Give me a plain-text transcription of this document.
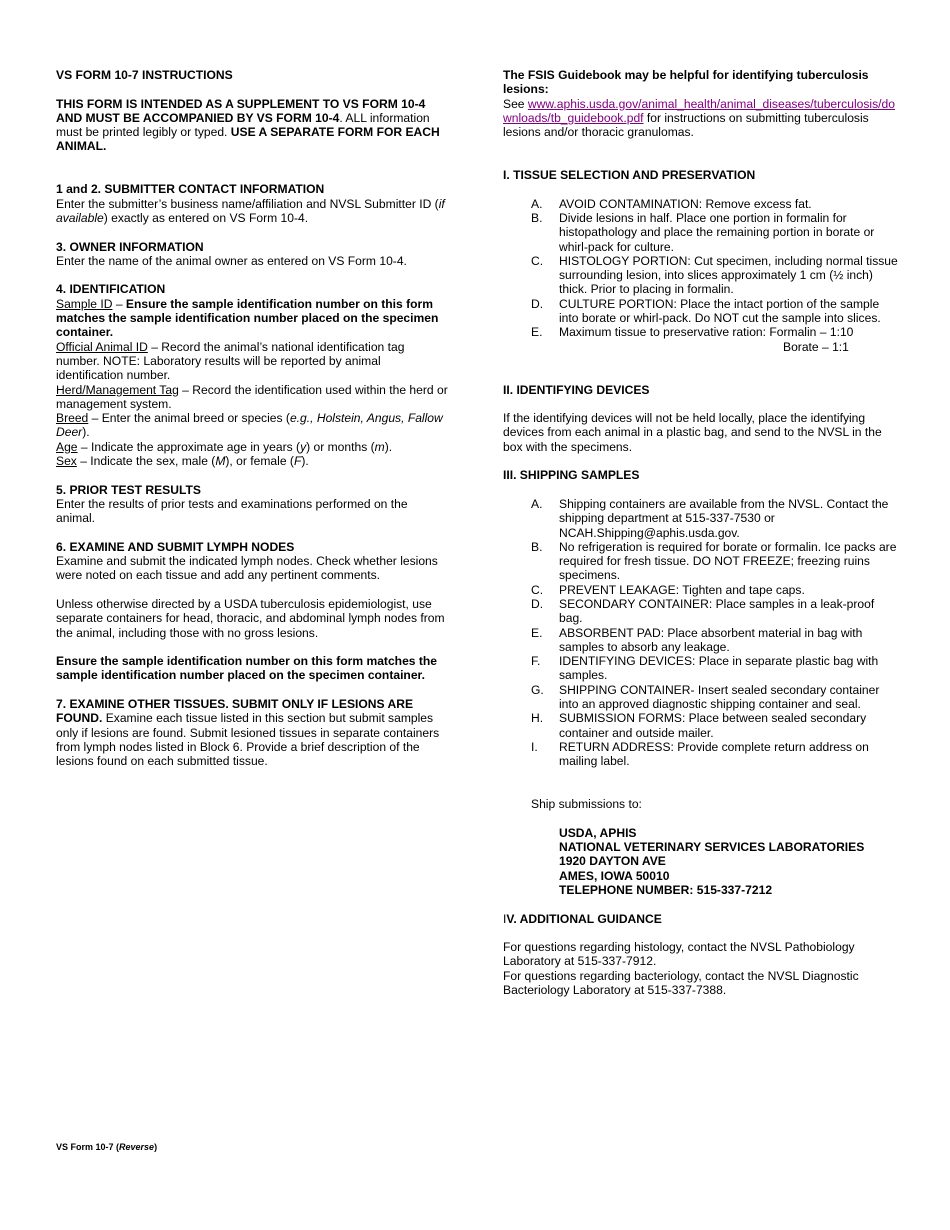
VS FORM 10-7 INSTRUCTIONS

THIS FORM IS INTENDED AS A SUPPLEMENT TO VS FORM 10-4 AND MUST BE ACCOMPANIED BY VS FORM 10-4. ALL information must be printed legibly or typed. USE A SEPARATE FORM FOR EACH ANIMAL.

1 and 2. SUBMITTER CONTACT INFORMATION

Enter the submitter’s business name/affiliation and NVSL Submitter ID (if available) exactly as entered on VS Form 10-4.

3. OWNER INFORMATION

Enter the name of the animal owner as entered on VS Form 10-4.

4. IDENTIFICATION

Sample ID – Ensure the sample identification number on this form matches the sample identification number placed on the specimen container.

Official Animal ID – Record the animal’s national identification tag number. NOTE: Laboratory results will be reported by animal identification number.

Herd/Management Tag – Record the identification used within the herd or management system.

Breed – Enter the animal breed or species (e.g., Holstein, Angus, Fallow Deer).

Age – Indicate the approximate age in years (y) or months (m).

Sex – Indicate the sex, male (M), or female (F).

5. PRIOR TEST RESULTS

Enter the results of prior tests and examinations performed on the animal.

6. EXAMINE AND SUBMIT LYMPH NODES

Examine and submit the indicated lymph nodes. Check whether lesions were noted on each tissue and add any pertinent comments.

Unless otherwise directed by a USDA tuberculosis epidemiologist, use separate containers for head, thoracic, and abdominal lymph nodes from the animal, including those with no gross lesions.

Ensure the sample identification number on this form matches the sample identification number placed on the specimen container.

7. EXAMINE OTHER TISSUES. SUBMIT ONLY IF LESIONS ARE FOUND. Examine each tissue listed in this section but submit samples only if lesions are found. Submit lesioned tissues in separate containers from lymph nodes listed in Block 6. Provide a brief description of the lesions found on each submitted tissue.

The FSIS Guidebook may be helpful for identifying tuberculosis lesions:

See www.aphis.usda.gov/animal_health/animal_diseases/tuberculosis/downloads/tb_guidebook.pdf for instructions on submitting tuberculosis lesions and/or thoracic granulomas.

I. TISSUE SELECTION AND PRESERVATION

A. AVOID CONTAMINATION: Remove excess fat.
B. Divide lesions in half. Place one portion in formalin for histopathology and place the remaining portion in borate or whirl-pack for culture.
C. HISTOLOGY PORTION: Cut specimen, including normal tissue surrounding lesion, into slices approximately 1 cm (½ inch) thick. Prior to placing in formalin.
D. CULTURE PORTION: Place the intact portion of the sample into borate or whirl-pack. Do NOT cut the sample into slices.
E. Maximum tissue to preservative ration: Formalin – 1:10

Borate – 1:1

II. IDENTIFYING DEVICES

If the identifying devices will not be held locally, place the identifying devices from each animal in a plastic bag, and send to the NVSL in the box with the specimens.

III. SHIPPING SAMPLES

A. Shipping containers are available from the NVSL. Contact the shipping department at 515-337-7530 or NCAH.Shipping@aphis.usda.gov.
B. No refrigeration is required for borate or formalin. Ice packs are required for fresh tissue. DO NOT FREEZE; freezing ruins specimens.
C. PREVENT LEAKAGE: Tighten and tape caps.
D. SECONDARY CONTAINER: Place samples in a leak-proof bag.
E. ABSORBENT PAD: Place absorbent material in bag with samples to absorb any leakage.
F. IDENTIFYING DEVICES: Place in separate plastic bag with samples.
G. SHIPPING CONTAINER- Insert sealed secondary container into an approved diagnostic shipping container and seal.
H. SUBMISSION FORMS: Place between sealed secondary container and outside mailer.
I. RETURN ADDRESS: Provide complete return address on mailing label.

Ship submissions to:

USDA, APHIS

NATIONAL VETERINARY SERVICES LABORATORIES

1920 DAYTON AVE

AMES, IOWA 50010

TELEPHONE NUMBER: 515-337-7212

IV. ADDITIONAL GUIDANCE

For questions regarding histology, contact the NVSL Pathobiology Laboratory at 515-337-7912.

For questions regarding bacteriology, contact the NVSL Diagnostic Bacteriology Laboratory at 515-337-7388.

VS Form 10-7 (Reverse)
